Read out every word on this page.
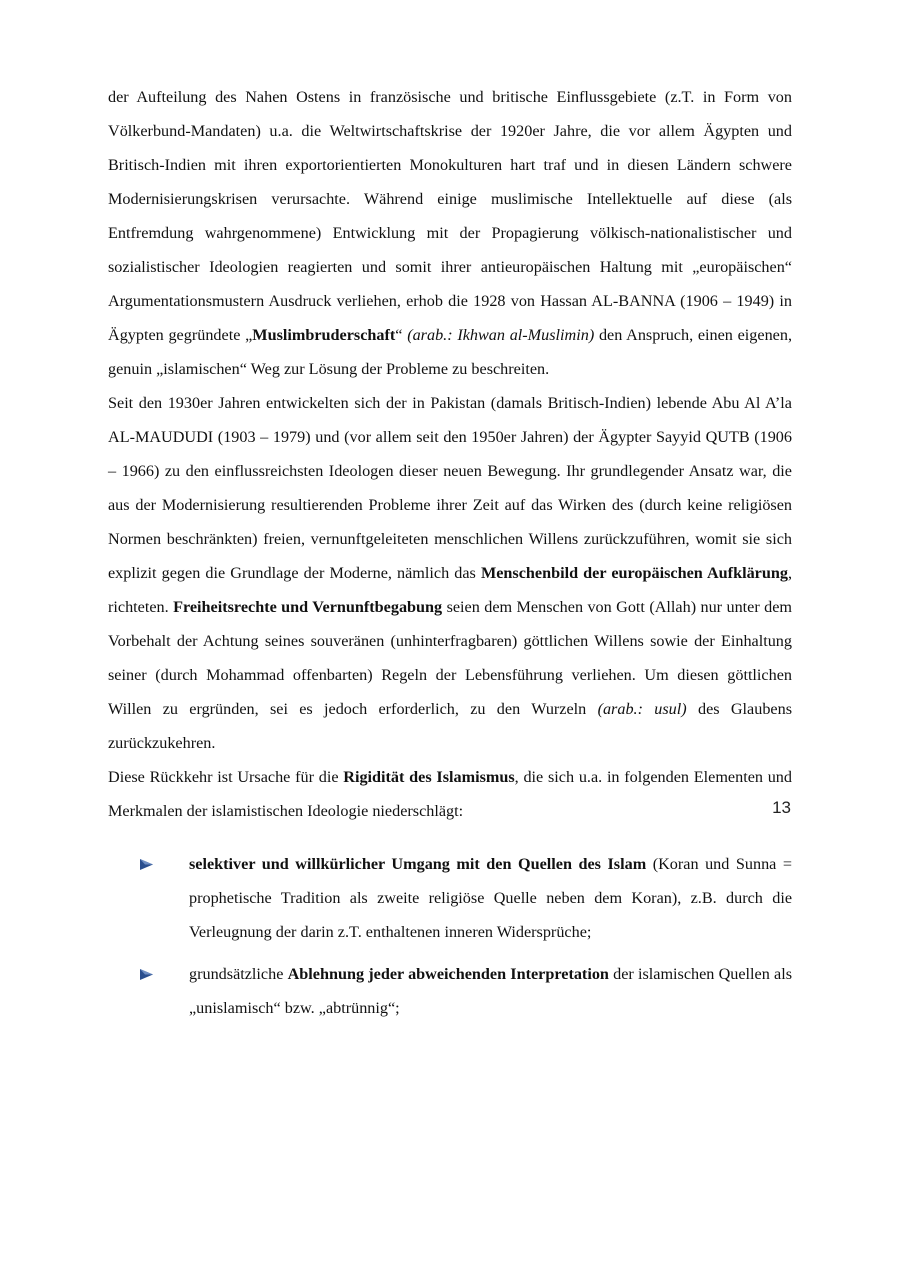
der Aufteilung des Nahen Ostens in französische und britische Einflussgebiete (z.T. in Form von Völkerbund-Mandaten) u.a. die Weltwirtschaftskrise der 1920er Jahre, die vor allem Ägypten und Britisch-Indien mit ihren exportorientierten Monokulturen hart traf und in diesen Ländern schwere Modernisierungskrisen verursachte. Während einige muslimische Intellektuelle auf diese (als Entfremdung wahrgenommene) Entwicklung mit der Propagierung völkisch-nationalistischer und sozialistischer Ideologien reagierten und somit ihrer antieuropäischen Haltung mit „europäischen“ Argumentationsmustern Ausdruck verliehen, erhob die 1928 von Hassan AL-BANNA (1906 – 1949) in Ägypten gegründete „Muslimbruderschaft“ (arab.: Ikhwan al-Muslimin) den Anspruch, einen eigenen, genuin „islamischen“ Weg zur Lösung der Probleme zu beschreiten.

Seit den 1930er Jahren entwickelten sich der in Pakistan (damals Britisch-Indien) lebende Abu Al A’la AL-MAUDUDI (1903 – 1979) und (vor allem seit den 1950er Jahren) der Ägypter Sayyid QUTB (1906 – 1966) zu den einflussreichsten Ideologen dieser neuen Bewegung. Ihr grundlegender Ansatz war, die aus der Modernisierung resultierenden Probleme ihrer Zeit auf das Wirken des (durch keine religiösen Normen beschränkten) freien, vernunftgeleiteten menschlichen Willens zurückzuführen, womit sie sich explizit gegen die Grundlage der Moderne, nämlich das Menschenbild der europäischen Aufklärung, richteten. Freiheitsrechte und Vernunftbegabung seien dem Menschen von Gott (Allah) nur unter dem Vorbehalt der Achtung seines souveränen (unhinterfragbaren) göttlichen Willens sowie der Einhaltung seiner (durch Mohammad offenbarten) Regeln der Lebensführung verliehen. Um diesen göttlichen Willen zu ergründen, sei es jedoch erforderlich, zu den Wurzeln (arab.: usul) des Glaubens zurückzukehren.

Diese Rückkehr ist Ursache für die Rigidität des Islamismus, die sich u.a. in folgenden Elementen und Merkmalen der islamistischen Ideologie niederschlägt:

selektiver und willkürlicher Umgang mit den Quellen des Islam (Koran und Sunna = prophetische Tradition als zweite religiöse Quelle neben dem Koran), z.B. durch die Verleugnung der darin z.T. enthaltenen inneren Widersprüche;
grundsätzliche Ablehnung jeder abweichenden Interpretation der islamischen Quellen als „unislamisch“ bzw. „abtrünnig“;
13
